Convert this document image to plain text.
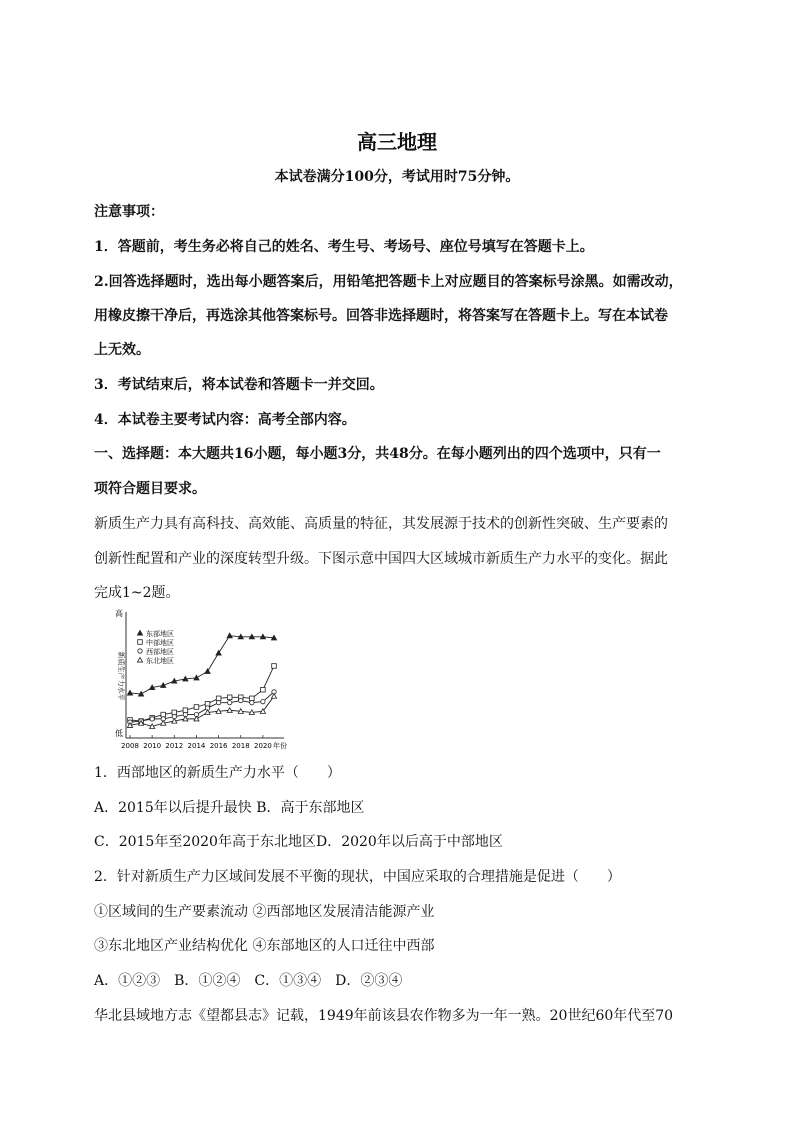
高三地理
本试卷满分100分，考试用时75分钟。
注意事项：
1．答题前，考生务必将自己的姓名、考生号、考场号、座位号填写在答题卡上。
2.回答选择题时，选出每小题答案后，用铅笔把答题卡上对应题目的答案标号涂黑。如需改动，
用橡皮擦干净后，再选涂其他答案标号。回答非选择题时，将答案写在答题卡上。写在本试卷
上无效。
3．考试结束后，将本试卷和答题卡一并交回。
4．本试卷主要考试内容：高考全部内容。
一、选择题：本大题共16小题，每小题3分，共48分。在每小题列出的四个选项中，只有一
项符合题目要求。
新质生产力具有高科技、高效能、高质量的特征，其发展源于技术的创新性突破、生产要素的
创新性配置和产业的深度转型升级。下图示意中国四大区域城市新质生产力水平的变化。据此
完成1~2题。
高
低
新质生产力水平
东部地区
中部地区
西部地区
东北地区
2008 2010 2012 2014 2016 2018 2020 年份
1．西部地区的新质生产力水平（　　）
A．2015年以后提升最快 B．高于东部地区
C．2015年至2020年高于东北地区D．2020年以后高于中部地区
2．针对新质生产力区域间发展不平衡的现状，中国应采取的合理措施是促进（　　）
①区域间的生产要素流动 ②西部地区发展清洁能源产业
③东北地区产业结构优化 ④东部地区的人口迁往中西部
A．①②③　B．①②④　C．①③④　D．②③④
华北县域地方志《望都县志》记载，1949年前该县农作物多为一年一熟。20世纪60年代至70
